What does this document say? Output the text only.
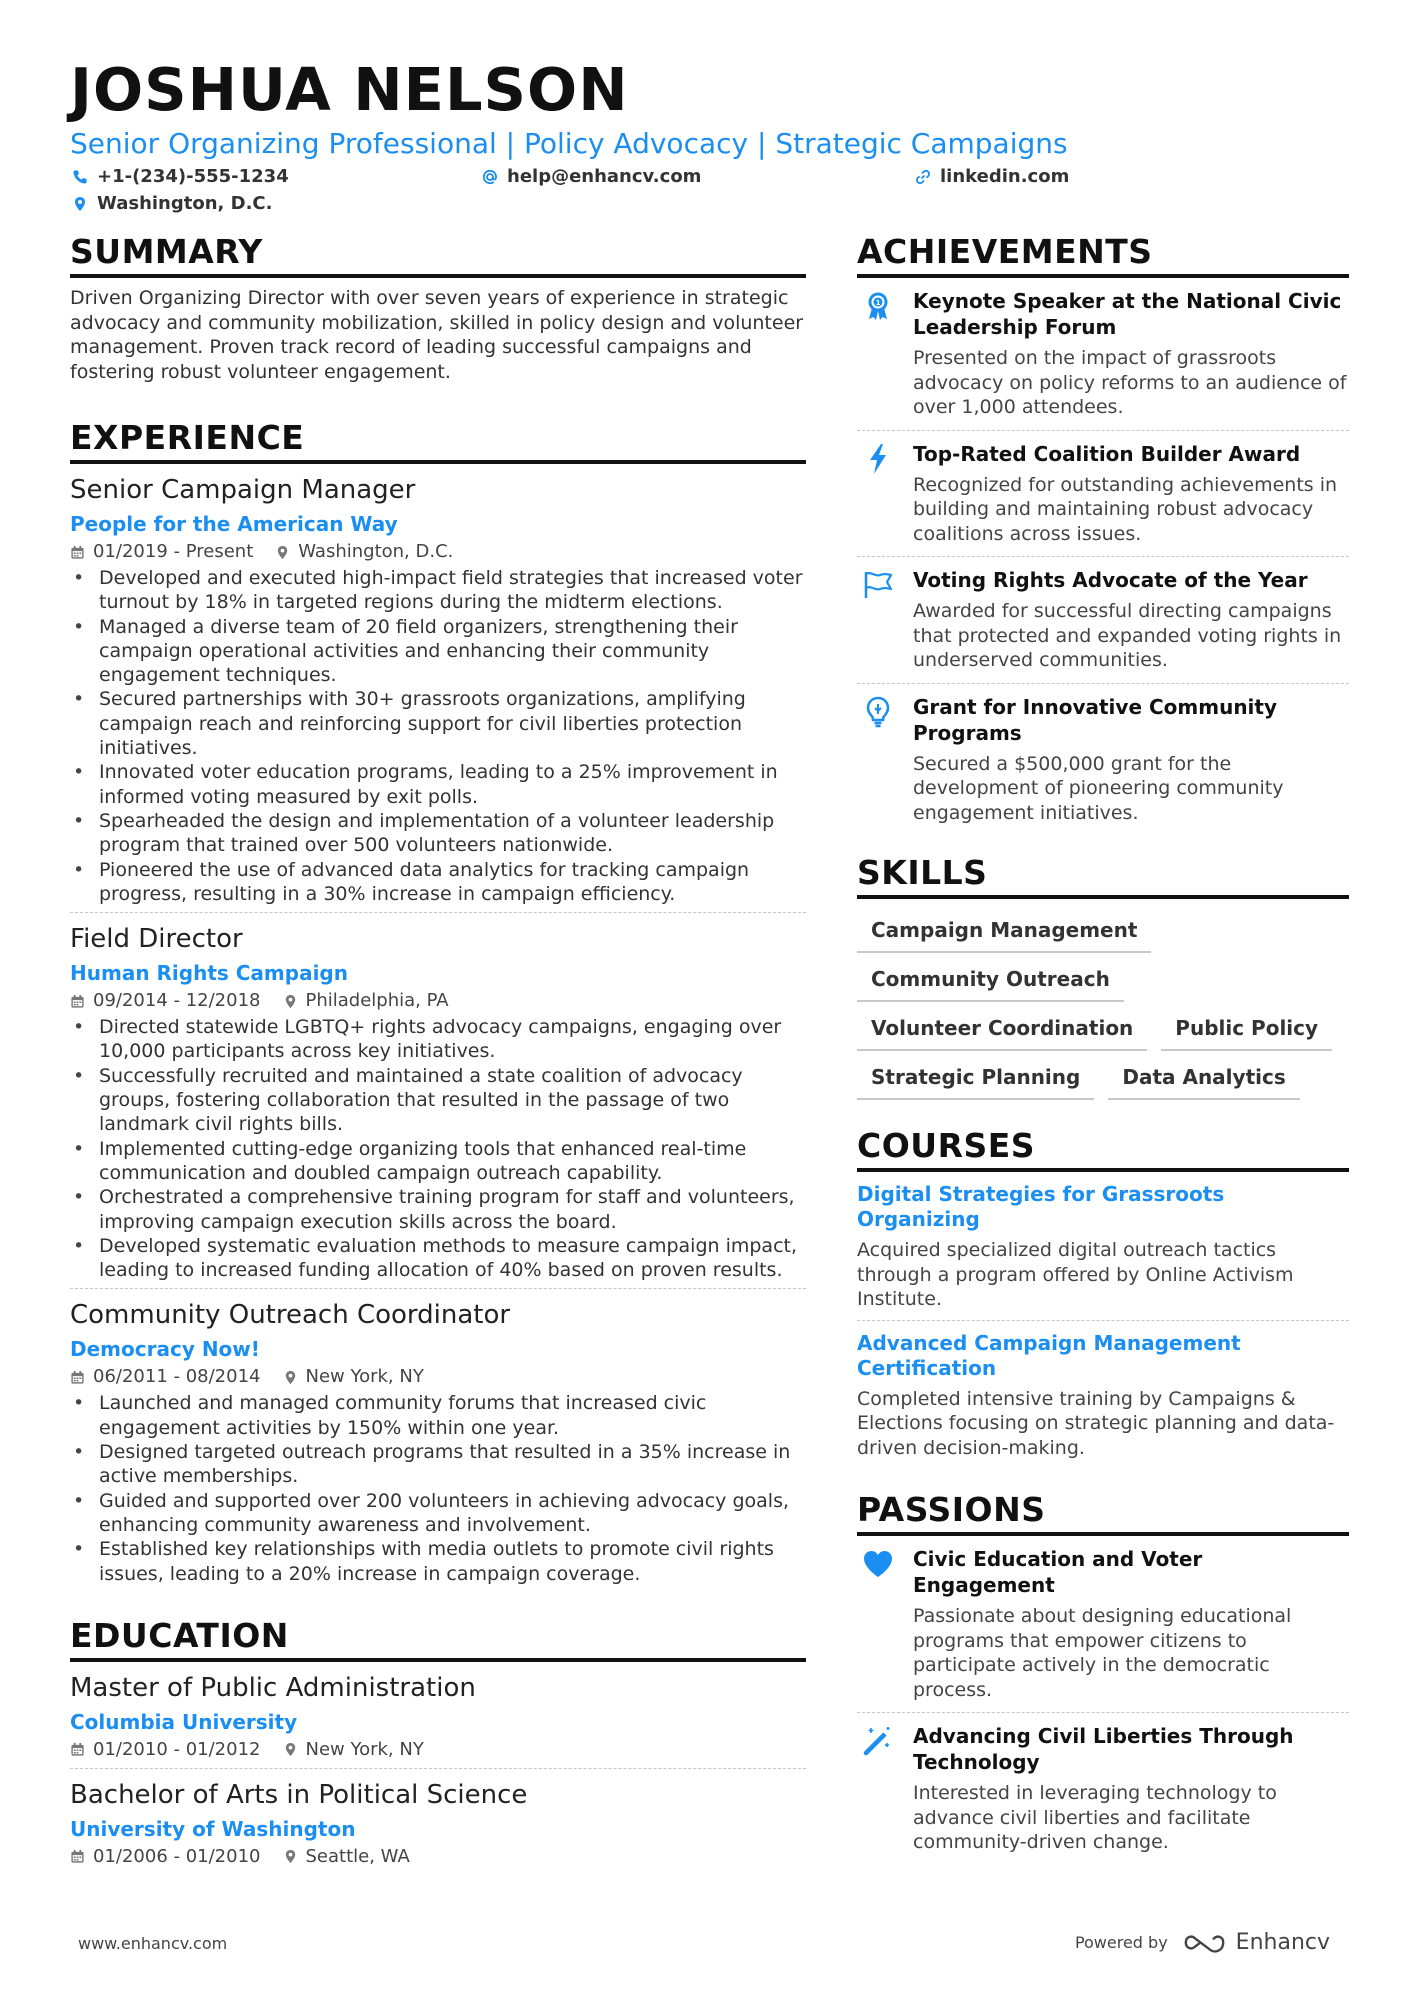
JOSHUA NELSON
Senior Organizing Professional | Policy Advocacy | Strategic Campaigns
+1-(234)-555-1234	help@enhancv.com	linkedin.com
Washington, D.C.
SUMMARY
Driven Organizing Director with over seven years of experience in strategic advocacy and community mobilization, skilled in policy design and volunteer management. Proven track record of leading successful campaigns and fostering robust volunteer engagement.
EXPERIENCE
Senior Campaign Manager
People for the American Way
01/2019 - Present	Washington, D.C.
• Developed and executed high-impact field strategies that increased voter turnout by 18% in targeted regions during the midterm elections.
• Managed a diverse team of 20 field organizers, strengthening their campaign operational activities and enhancing their community engagement techniques.
• Secured partnerships with 30+ grassroots organizations, amplifying campaign reach and reinforcing support for civil liberties protection initiatives.
• Innovated voter education programs, leading to a 25% improvement in informed voting measured by exit polls.
• Spearheaded the design and implementation of a volunteer leadership program that trained over 500 volunteers nationwide.
• Pioneered the use of advanced data analytics for tracking campaign progress, resulting in a 30% increase in campaign efficiency.
Field Director
Human Rights Campaign
09/2014 - 12/2018	Philadelphia, PA
• Directed statewide LGBTQ+ rights advocacy campaigns, engaging over 10,000 participants across key initiatives.
• Successfully recruited and maintained a state coalition of advocacy groups, fostering collaboration that resulted in the passage of two landmark civil rights bills.
• Implemented cutting-edge organizing tools that enhanced real-time communication and doubled campaign outreach capability.
• Orchestrated a comprehensive training program for staff and volunteers, improving campaign execution skills across the board.
• Developed systematic evaluation methods to measure campaign impact, leading to increased funding allocation of 40% based on proven results.
Community Outreach Coordinator
Democracy Now!
06/2011 - 08/2014	New York, NY
• Launched and managed community forums that increased civic engagement activities by 150% within one year.
• Designed targeted outreach programs that resulted in a 35% increase in active memberships.
• Guided and supported over 200 volunteers in achieving advocacy goals, enhancing community awareness and involvement.
• Established key relationships with media outlets to promote civil rights issues, leading to a 20% increase in campaign coverage.
EDUCATION
Master of Public Administration
Columbia University
01/2010 - 01/2012	New York, NY
Bachelor of Arts in Political Science
University of Washington
01/2006 - 01/2010	Seattle, WA
ACHIEVEMENTS
1 Keynote Speaker at the National Civic Leadership Forum
Presented on the impact of grassroots advocacy on policy reforms to an audience of over 1,000 attendees.
Top-Rated Coalition Builder Award
Recognized for outstanding achievements in building and maintaining robust advocacy coalitions across issues.
Voting Rights Advocate of the Year
Awarded for successful directing campaigns that protected and expanded voting rights in underserved communities.
Grant for Innovative Community Programs
Secured a $500,000 grant for the development of pioneering community engagement initiatives.
SKILLS
Campaign Management
Community Outreach
Volunteer Coordination	Public Policy
Strategic Planning	Data Analytics
COURSES
Digital Strategies for Grassroots Organizing
Acquired specialized digital outreach tactics through a program offered by Online Activism Institute.
Advanced Campaign Management Certification
Completed intensive training by Campaigns & Elections focusing on strategic planning and data-driven decision-making.
PASSIONS
Civic Education and Voter Engagement
Passionate about designing educational programs that empower citizens to participate actively in the democratic process.
Advancing Civil Liberties Through Technology
Interested in leveraging technology to advance civil liberties and facilitate community-driven change.
www.enhancv.com	Powered by	Enhancv
